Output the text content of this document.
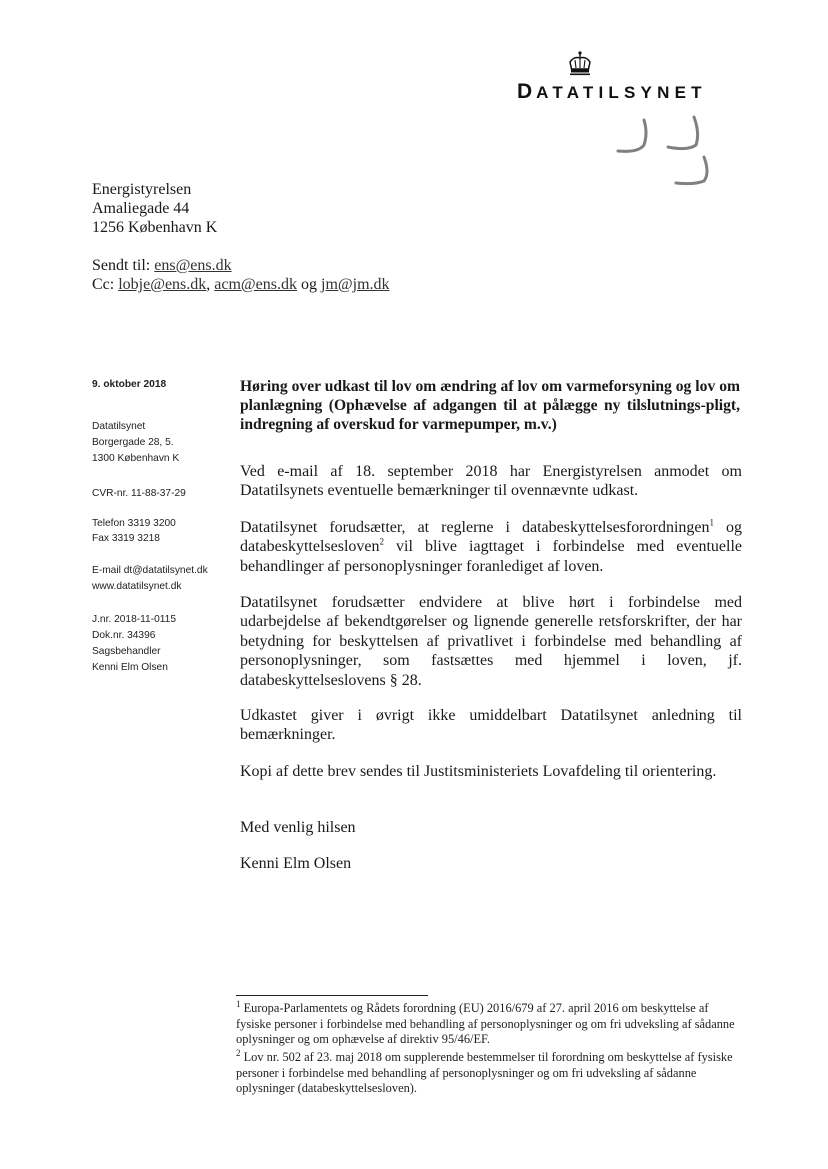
DATATILSYNET
Energistyrelsen
Amaliegade 44
1256 København K
Sendt til: ens@ens.dk
Cc: lobje@ens.dk, acm@ens.dk og jm@jm.dk
9. oktober 2018
Datatilsynet
Borgergade 28, 5.
1300 København K
CVR-nr. 11-88-37-29
Telefon 3319 3200
Fax 3319 3218
E-mail dt@datatilsynet.dk
www.datatilsynet.dk
J.nr. 2018-11-0115
Dok.nr. 34396
Sagsbehandler
Kenni Elm Olsen

Høring over udkast til lov om ændring af lov om varmeforsyning og lov om planlægning (Ophævelse af adgangen til at pålægge ny tilslutnings-pligt, indregning af overskud for varmepumper, m.v.)

Ved e-mail af 18. september 2018 har Energistyrelsen anmodet om Datatilsynets eventuelle bemærkninger til ovennævnte udkast.

Datatilsynet forudsætter, at reglerne i databeskyttelsesforordningen$^1$ og databeskyttelsesloven$^2$ vil blive iagttaget i forbindelse med eventuelle behandlinger af personoplysninger foranlediget af loven.

Datatilsynet forudsætter endvidere at blive hørt i forbindelse med udarbejdelse af bekendtgørelser og lignende generelle retsforskrifter, der har betydning for beskyttelsen af privatlivet i forbindelse med behandling af personoplysninger, som fastsættes med hjemmel i loven, jf. databeskyttelseslovens § 28.

Udkastet giver i øvrigt ikke umiddelbart Datatilsynet anledning til bemærkninger.

Kopi af dette brev sendes til Justitsministeriets Lovafdeling til orientering.

Med venlig hilsen

Kenni Elm Olsen

$^1$ Europa-Parlamentets og Rådets forordning (EU) 2016/679 af 27. april 2016 om beskyttelse af fysiske personer i forbindelse med behandling af personoplysninger og om fri udveksling af sådanne oplysninger og om ophævelse af direktiv 95/46/EF.

$^2$ Lov nr. 502 af 23. maj 2018 om supplerende bestemmelser til forordning om beskyttelse af fysiske personer i forbindelse med behandling af personoplysninger og om fri udveksling af sådanne oplysninger (databeskyttelsesloven).
